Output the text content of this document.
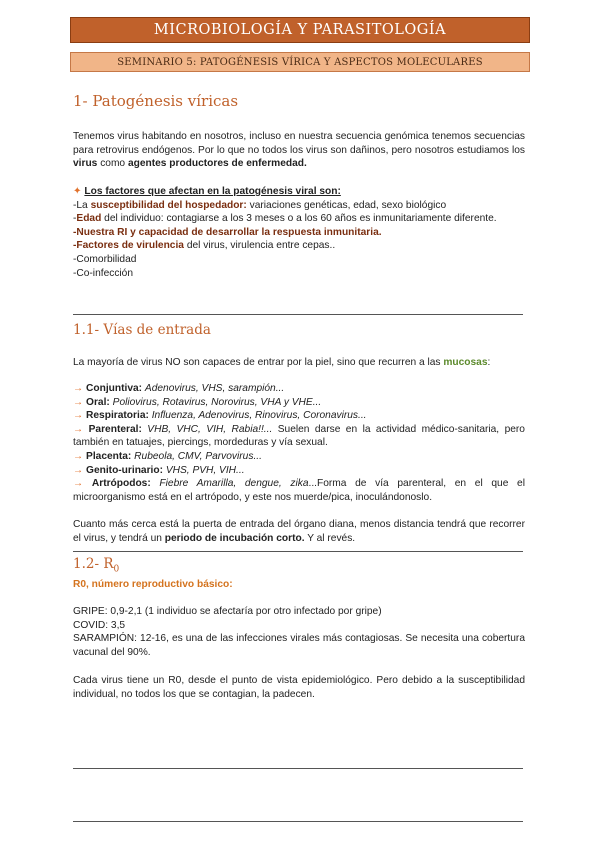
MICROBIOLOGÍA Y PARASITOLOGÍA
SEMINARIO 5: PATOGÉNESIS VÍRICA Y ASPECTOS MOLECULARES
1- Patogénesis víricas
Tenemos virus habitando en nosotros, incluso en nuestra secuencia genómica tenemos secuencias para retrovirus endógenos. Por lo que no todos los virus son dañinos, pero nosotros estudiamos los virus como agentes productores de enfermedad.
✦ Los factores que afectan en la patogénesis viral son:
-La susceptibilidad del hospedador: variaciones genéticas, edad, sexo biológico
-Edad del individuo: contagiarse a los 3 meses o a los 60 años es inmunitariamente diferente.
-Nuestra RI y capacidad de desarrollar la respuesta inmunitaria.
-Factores de virulencia del virus, virulencia entre cepas..
-Comorbilidad
-Co-infección
1.1- Vías de entrada
La mayoría de virus NO son capaces de entrar por la piel, sino que recurren a las mucosas:
→ Conjuntiva: Adenovirus, VHS, sarampión...
→ Oral: Poliovirus, Rotavirus, Norovirus, VHA y VHE...
→ Respiratoria: Influenza, Adenovirus, Rinovirus, Coronavirus...
→ Parenteral: VHB, VHC, VIH, Rabia!!... Suelen darse en la actividad médico-sanitaria, pero también en tatuajes, piercings, mordeduras y vía sexual.
→ Placenta: Rubeola, CMV, Parvovirus...
→ Genito-urinario: VHS, PVH, VIH...
→ Artrópodos: Fiebre Amarilla, dengue, zika...Forma de vía parenteral, en el que el microorganismo está en el artrópodo, y este nos muerde/pica, inoculándonoslo.
Cuanto más cerca está la puerta de entrada del órgano diana, menos distancia tendrá que recorrer el virus, y tendrá un periodo de incubación corto. Y al revés.
1.2- $R_0$
R0, número reproductivo básico:
GRIPE: 0,9-2,1 (1 individuo se afectaría por otro infectado por gripe)
COVID: 3,5
SARAMPIÓN: 12-16, es una de las infecciones virales más contagiosas. Se necesita una cobertura vacunal del 90%.
Cada virus tiene un R0, desde el punto de vista epidemiológico. Pero debido a la susceptibilidad individual, no todos los que se contagian, la padecen.
